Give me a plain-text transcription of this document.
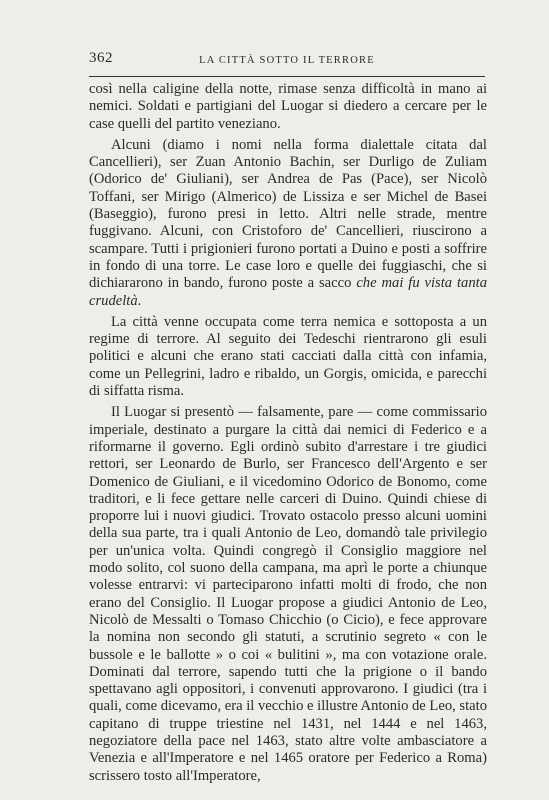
362	LA CITTÀ SOTTO IL TERRORE

così nella caligine della notte, rimase senza difficoltà in mano ai nemici. Soldati e partigiani del Luogar si diedero a cercare per le case quelli del partito veneziano.

Alcuni (diamo i nomi nella forma dialettale citata dal Cancellieri), ser Zuan Antonio Bachin, ser Durligo de Zuliam (Odorico de' Giuliani), ser Andrea de Pas (Pace), ser Nicolò Toffani, ser Mirigo (Almerico) de Lissiza e ser Michel de Basei (Baseggio), furono presi in letto. Altri nelle strade, mentre fuggivano. Alcuni, con Cristoforo de' Cancellieri, riuscirono a scampare. Tutti i prigionieri furono portati a Duino e posti a soffrire in fondo di una torre. Le case loro e quelle dei fuggiaschi, che si dichiararono in bando, furono poste a sacco che mai fu vista tanta crudeltà.

La città venne occupata come terra nemica e sottoposta a un regime di terrore. Al seguito dei Tedeschi rientrarono gli esuli politici e alcuni che erano stati cacciati dalla città con infamia, come un Pellegrini, ladro e ribaldo, un Gorgis, omicida, e parecchi di siffatta risma.

Il Luogar si presentò — falsamente, pare — come commissario imperiale, destinato a purgare la città dai nemici di Federico e a riformarne il governo. Egli ordinò subito d'arrestare i tre giudici rettori, ser Leonardo de Burlo, ser Francesco dell'Argento e ser Domenico de Giuliani, e il vicedomino Odorico de Bonomo, come traditori, e li fece gettare nelle carceri di Duino. Quindi chiese di proporre lui i nuovi giudici. Trovato ostacolo presso alcuni uomini della sua parte, tra i quali Antonio de Leo, domandò tale privilegio per un'unica volta. Quindi congregò il Consiglio maggiore nel modo solito, col suono della campana, ma aprì le porte a chiunque volesse entrarvi: vi parteciparono infatti molti di frodo, che non erano del Consiglio. Il Luogar propose a giudici Antonio de Leo, Nicolò de Messalti o Tomaso Chicchio (o Cicio), e fece approvare la nomina non secondo gli statuti, a scrutinio segreto « con le bussole e le ballotte » o coi « bulitini », ma con votazione orale. Dominati dal terrore, sapendo tutti che la prigione o il bando spettavano agli oppositori, i convenuti approvarono. I giudici (tra i quali, come dicevamo, era il vecchio e illustre Antonio de Leo, stato capitano di truppe triestine nel 1431, nel 1444 e nel 1463, negoziatore della pace nel 1463, stato altre volte ambasciatore a Venezia e all'Imperatore e nel 1465 oratore per Federico a Roma) scrissero tosto all'Imperatore,
